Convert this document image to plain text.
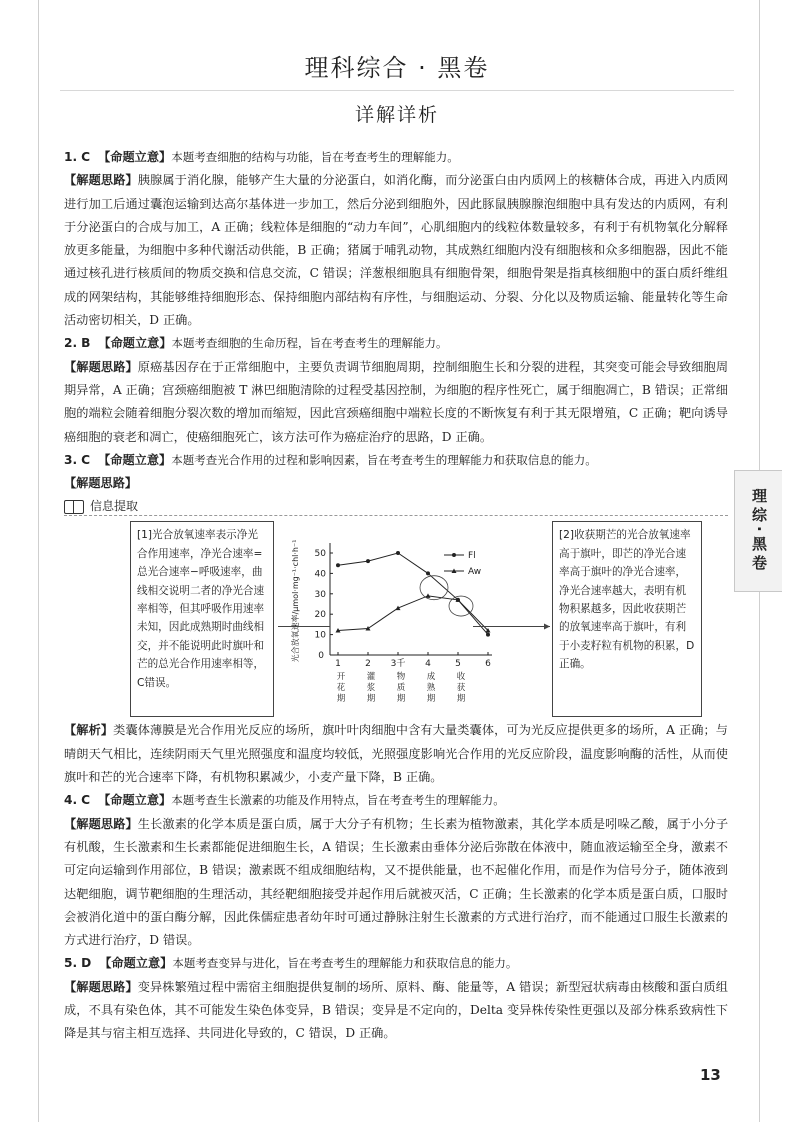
理科综合 · 黑卷
详解详析
理综·黑卷

1. C 【命题立意】本题考查细胞的结构与功能，旨在考查考生的理解能力。

【解题思路】胰腺属于消化腺，能够产生大量的分泌蛋白，如消化酶，而分泌蛋白由内质网上的核糖体合成，再进入内质网进行加工后通过囊泡运输到达高尔基体进一步加工，然后分泌到细胞外，因此豚鼠胰腺腺泡细胞中具有发达的内质网，有利于分泌蛋白的合成与加工，A 正确；线粒体是细胞的“动力车间”，心肌细胞内的线粒体数量较多，有利于有机物氧化分解释放更多能量，为细胞中多种代谢活动供能，B 正确；猪属于哺乳动物，其成熟红细胞内没有细胞核和众多细胞器，因此不能通过核孔进行核质间的物质交换和信息交流，C 错误；洋葱根细胞具有细胞骨架，细胞骨架是指真核细胞中的蛋白质纤维组成的网架结构，其能够维持细胞形态、保持细胞内部结构有序性，与细胞运动、分裂、分化以及物质运输、能量转化等生命活动密切相关，D 正确。

2. B 【命题立意】本题考查细胞的生命历程，旨在考查考生的理解能力。

【解题思路】原癌基因存在于正常细胞中，主要负责调节细胞周期，控制细胞生长和分裂的进程，其突变可能会导致细胞周期异常，A 正确；宫颈癌细胞被 T 淋巴细胞清除的过程受基因控制，为细胞的程序性死亡，属于细胞凋亡，B 错误；正常细胞的端粒会随着细胞分裂次数的增加而缩短，因此宫颈癌细胞中端粒长度的不断恢复有利于其无限增殖，C 正确；靶向诱导癌细胞的衰老和凋亡，使癌细胞死亡，该方法可作为癌症治疗的思路，D 正确。

3. C 【命题立意】本题考查光合作用的过程和影响因素，旨在考查考生的理解能力和获取信息的能力。

【解题思路】

信息提取
[1]光合放氧速率表示净光合作用速率，净光合速率=总光合速率−呼吸速率，曲线相交说明二者的净光合速率相等，但其呼吸作用速率未知，因此成熟期时曲线相交，并不能说明此时旗叶和芒的总光合作用速率相等，C错误。
10
20
30
40
50
0
光合放氧速率/μmol·mg⁻¹·chl·h⁻¹
1
开
花
期
2
灌
浆
期
3千
物
质
期
4
成
熟
期
5
收
获
期
6
Fl
Aw
[2]收获期芒的光合放氧速率高于旗叶，即芒的净光合速率高于旗叶的净光合速率，净光合速率越大，表明有机物积累越多，因此收获期芒的放氧速率高于旗叶，有利于小麦籽粒有机物的积累，D正确。

【解析】类囊体薄膜是光合作用光反应的场所，旗叶叶肉细胞中含有大量类囊体，可为光反应提供更多的场所，A 正确；与晴朗天气相比，连续阴雨天气里光照强度和温度均较低，光照强度影响光合作用的光反应阶段，温度影响酶的活性，从而使旗叶和芒的光合速率下降，有机物积累减少，小麦产量下降，B 正确。

4. C 【命题立意】本题考查生长激素的功能及作用特点，旨在考查考生的理解能力。

【解题思路】生长激素的化学本质是蛋白质，属于大分子有机物；生长素为植物激素，其化学本质是吲哚乙酸，属于小分子有机酸，生长激素和生长素都能促进细胞生长，A 错误；生长激素由垂体分泌后弥散在体液中，随血液运输至全身，激素不可定向运输到作用部位，B 错误；激素既不组成细胞结构，又不提供能量，也不起催化作用，而是作为信号分子，随体液到达靶细胞，调节靶细胞的生理活动，其经靶细胞接受并起作用后就被灭活，C 正确；生长激素的化学本质是蛋白质，口服时会被消化道中的蛋白酶分解，因此侏儒症患者幼年时可通过静脉注射生长激素的方式进行治疗，而不能通过口服生长激素的方式进行治疗，D 错误。

5. D 【命题立意】本题考查变异与进化，旨在考查考生的理解能力和获取信息的能力。

【解题思路】变异株繁殖过程中需宿主细胞提供复制的场所、原料、酶、能量等，A 错误；新型冠状病毒由核酸和蛋白质组成，不具有染色体，其不可能发生染色体变异，B 错误；变异是不定向的，Delta 变异株传染性更强以及部分株系致病性下降是其与宿主相互选择、共同进化导致的，C 错误，D 正确。

13
